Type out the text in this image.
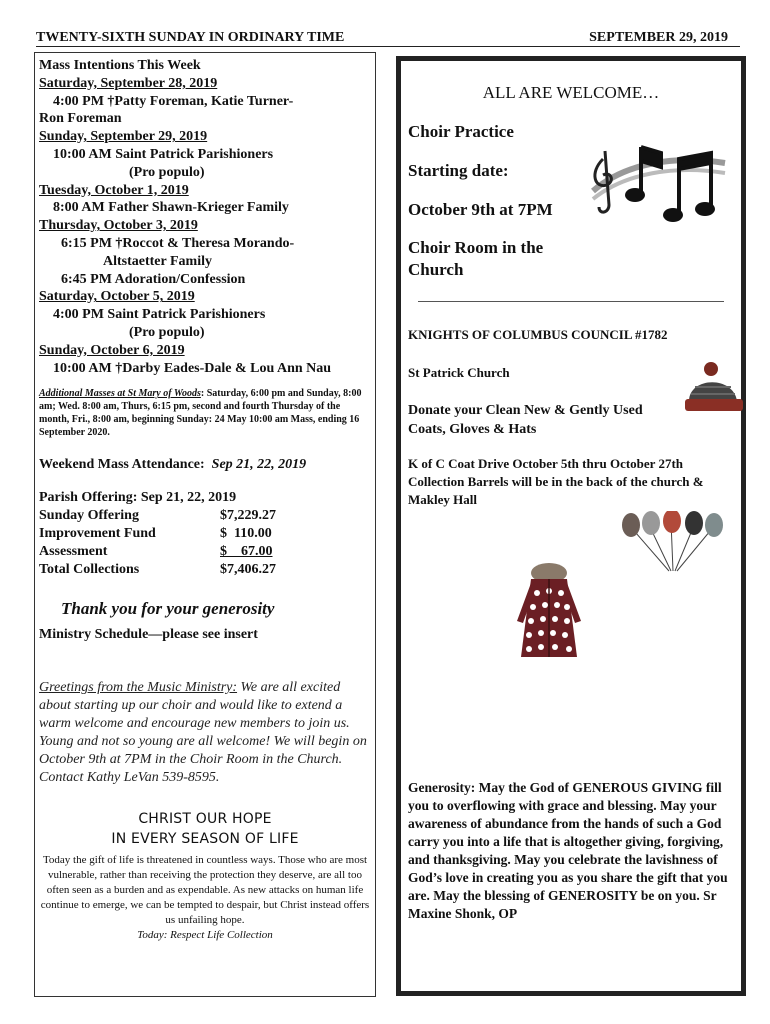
TWENTY-SIXTH SUNDAY IN ORDINARY TIME	SEPTEMBER 29, 2019
Mass Intentions This Week
Saturday, September 28, 2019
4:00 PM †Patty Foreman, Katie Turner-
Ron Foreman
Sunday, September 29, 2019
10:00 AM Saint Patrick Parishioners
(Pro populo)
Tuesday, October 1, 2019
8:00 AM Father Shawn-Krieger Family
Thursday, October 3, 2019
6:15 PM †Roccot & Theresa Morando-
Altstaetter Family
6:45 PM Adoration/Confession
Saturday, October 5, 2019
4:00 PM Saint Patrick Parishioners
(Pro populo)
Sunday, October 6, 2019
10:00 AM †Darby Eades-Dale & Lou Ann Nau
Additional Masses at St Mary of Woods: Saturday, 6:00 pm and Sunday, 8:00 am; Wed. 8:00 am, Thurs, 6:15 pm, second and fourth Thursday of the month, Fri., 8:00 am, beginning Sunday: 24 May 10:00 am Mass, ending 16 September 2020.
Weekend Mass Attendance: Sep 21, 22, 2019
Parish Offering: Sep 21, 22, 2019
Sunday Offering	$7,229.27
Improvement Fund	$  110.00
Assessment	$    67.00
Total Collections	$7,406.27
Thank you for your generosity
Ministry Schedule—please see insert
Greetings from the Music Ministry: We are all excited about starting up our choir and would like to extend a warm welcome and encourage new members to join us. Young and not so young are all welcome! We will begin on October 9th at 7PM in the Choir Room in the Church. Contact Kathy LeVan 539-8595.
CHRIST OUR HOPE
IN EVERY SEASON OF LIFE
Today the gift of life is threatened in countless ways. Those who are most vulnerable, rather than receiving the protection they deserve, are all too often seen as a burden and as expendable. As new attacks on human life continue to emerge, we can be tempted to despair, but Christ instead offers us unfailing hope.
Today: Respect Life Collection
ALL ARE WELCOME…
Choir Practice
Starting date:
October 9th at 7PM
Choir Room in the Church
KNIGHTS OF COLUMBUS COUNCIL #1782
St Patrick Church
Donate your Clean New & Gently Used
Coats, Gloves & Hats
K of C Coat Drive October 5th thru October 27th Collection Barrels will be in the back of the church & Makley Hall
Generosity: May the God of GENEROUS GIVING fill you to overflowing with grace and blessing. May your awareness of abundance from the hands of such a God carry you into a life that is altogether giving, forgiving, and thanksgiving. May you celebrate the lavishness of God’s love in creating you as you share the gift that you are. May the blessing of GENEROSITY be on you. Sr Maxine Shonk, OP
